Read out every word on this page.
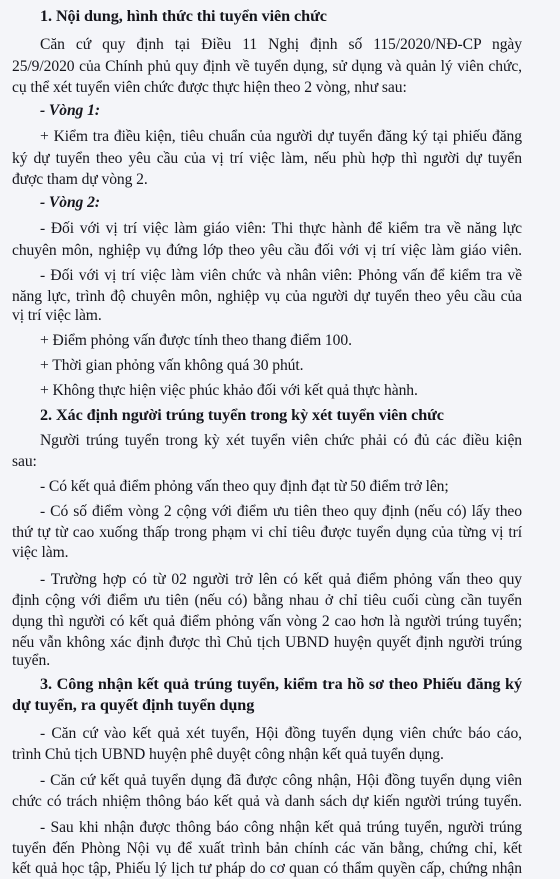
1. Nội dung, hình thức thi tuyển viên chức
Căn cứ quy định tại Điều 11 Nghị định số 115/2020/NĐ-CP ngày
25/9/2020 của Chính phủ quy định về tuyển dụng, sử dụng và quản lý viên chức,
cụ thể xét tuyển viên chức được thực hiện theo 2 vòng, như sau:
- Vòng 1:
+ Kiểm tra điều kiện, tiêu chuẩn của người dự tuyển đăng ký tại phiếu đăng
ký dự tuyển theo yêu cầu của vị trí việc làm, nếu phù hợp thì người dự tuyển
được tham dự vòng 2.
- Vòng 2:
- Đối với vị trí việc làm giáo viên: Thi thực hành để kiểm tra về năng lực
chuyên môn, nghiệp vụ đứng lớp theo yêu cầu đối với vị trí việc làm giáo viên.
- Đối với vị trí việc làm viên chức và nhân viên: Phỏng vấn để kiểm tra về
năng lực, trình độ chuyên môn, nghiệp vụ của người dự tuyển theo yêu cầu của
vị trí việc làm.
+ Điểm phỏng vấn được tính theo thang điểm 100.
+ Thời gian phỏng vấn không quá 30 phút.
+ Không thực hiện việc phúc khảo đối với kết quả thực hành.
2. Xác định người trúng tuyển trong kỳ xét tuyển viên chức
Người trúng tuyển trong kỳ xét tuyển viên chức phải có đủ các điều kiện
sau:
- Có kết quả điểm phỏng vấn theo quy định đạt từ 50 điểm trở lên;
- Có số điểm vòng 2 cộng với điểm ưu tiên theo quy định (nếu có) lấy theo
thứ tự từ cao xuống thấp trong phạm vi chỉ tiêu được tuyển dụng của từng vị trí
việc làm.
- Trường hợp có từ 02 người trở lên có kết quả điểm phỏng vấn theo quy
định cộng với điểm ưu tiên (nếu có) bằng nhau ở chỉ tiêu cuối cùng cần tuyển
dụng thì người có kết quả điểm phỏng vấn vòng 2 cao hơn là người trúng tuyển;
nếu vẫn không xác định được thì Chủ tịch UBND huyện quyết định người trúng
tuyển.
3. Công nhận kết quả trúng tuyển, kiểm tra hồ sơ theo Phiếu đăng ký
dự tuyển, ra quyết định tuyển dụng
- Căn cứ vào kết quả xét tuyển, Hội đồng tuyển dụng viên chức báo cáo,
trình Chủ tịch UBND huyện phê duyệt công nhận kết quả tuyển dụng.
- Căn cứ kết quả tuyển dụng đã được công nhận, Hội đồng tuyển dụng viên
chức có trách nhiệm thông báo kết quả và danh sách dự kiến người trúng tuyển.
- Sau khi nhận được thông báo công nhận kết quả trúng tuyển, người trúng
tuyển đến Phòng Nội vụ để xuất trình bản chính các văn bằng, chứng chỉ, kết
kết quả học tập, Phiếu lý lịch tư pháp do cơ quan có thẩm quyền cấp, chứng nhận
